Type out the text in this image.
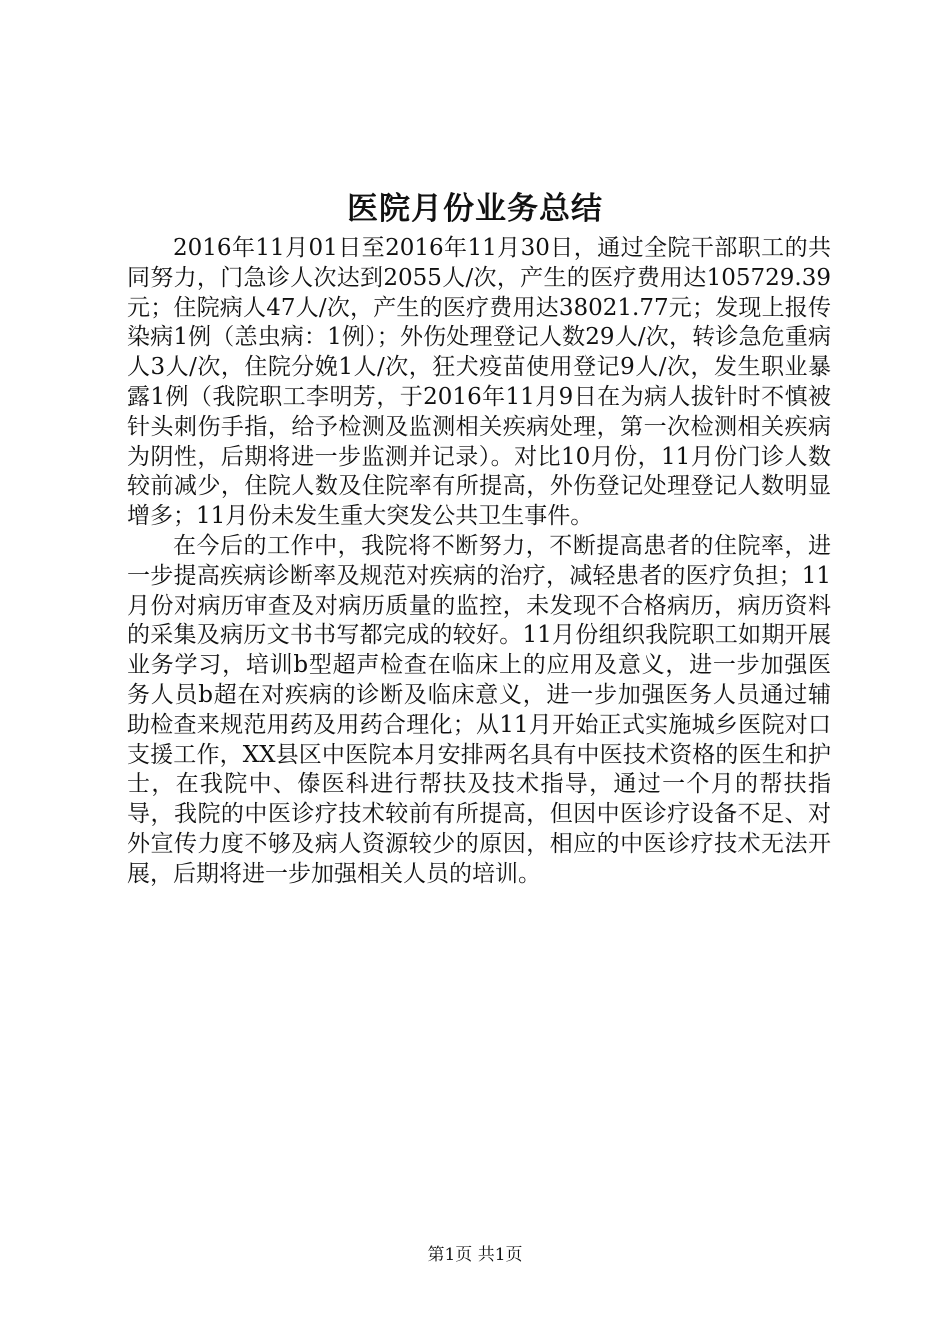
医院月份业务总结

2016年11月01日至2016年11月30日，通过全院干部职工的共同努力，门急诊人次达到2055人/次，产生的医疗费用达105729.39元；住院病人47人/次，产生的医疗费用达38021.77元；发现上报传染病1例（恙虫病：1例）；外伤处理登记人数29人/次，转诊急危重病人3人/次，住院分娩1人/次，狂犬疫苗使用登记9人/次，发生职业暴露1例（我院职工李明芳，于2016年11月9日在为病人拔针时不慎被针头刺伤手指，给予检测及监测相关疾病处理，第一次检测相关疾病为阴性，后期将进一步监测并记录）。对比10月份，11月份门诊人数较前减少，住院人数及住院率有所提高，外伤登记处理登记人数明显增多；11月份未发生重大突发公共卫生事件。

在今后的工作中，我院将不断努力，不断提高患者的住院率，进一步提高疾病诊断率及规范对疾病的治疗，减轻患者的医疗负担；11月份对病历审查及对病历质量的监控，未发现不合格病历，病历资料的采集及病历文书书写都完成的较好。11月份组织我院职工如期开展业务学习，培训b型超声检查在临床上的应用及意义，进一步加强医务人员b超在对疾病的诊断及临床意义，进一步加强医务人员通过辅助检查来规范用药及用药合理化；从11月开始正式实施城乡医院对口支援工作，XX县区中医院本月安排两名具有中医技术资格的医生和护士，在我院中、傣医科进行帮扶及技术指导，通过一个月的帮扶指导，我院的中医诊疗技术较前有所提高，但因中医诊疗设备不足、对外宣传力度不够及病人资源较少的原因，相应的中医诊疗技术无法开展，后期将进一步加强相关人员的培训。

第1页 共1页
